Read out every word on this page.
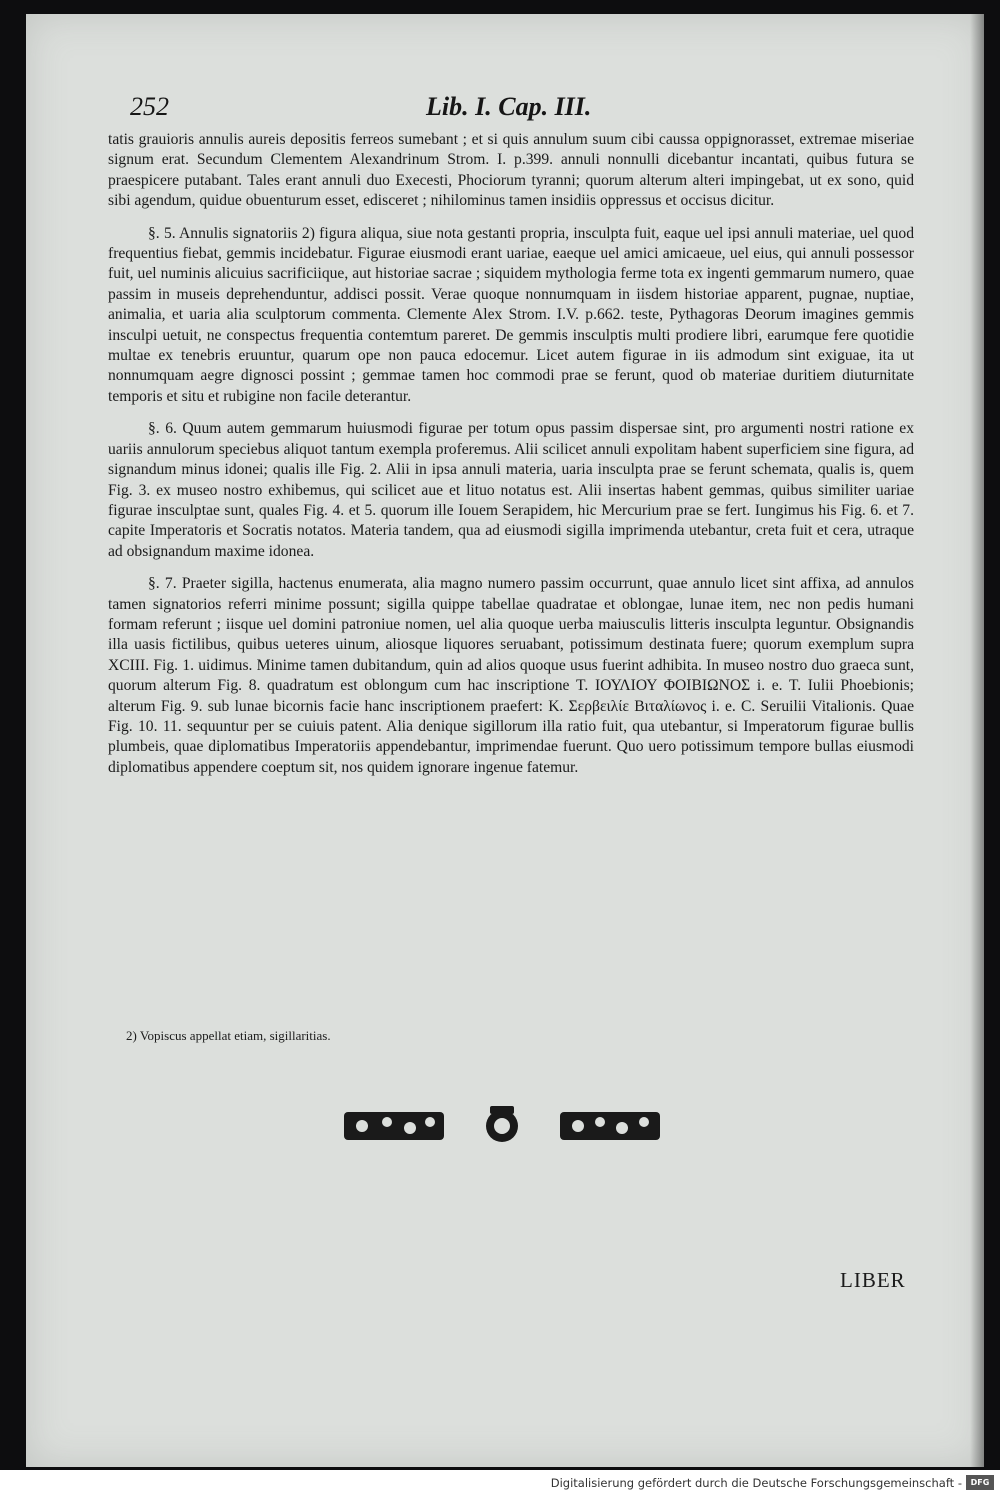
252	Lib. I. Cap. III.

tatis grauioris annulis aureis depositis ferreos sumebant ; et si quis annulum suum cibi caussa oppignorasset, extremae miseriae signum erat. Secundum Clementem Alexandrinum Strom. I. p.399. annuli nonnulli dicebantur incantati, quibus futura se praespicere putabant. Tales erant annuli duo Execesti, Phociorum tyranni; quorum alterum alteri impingebat, ut ex sono, quid sibi agendum, quidue obuenturum esset, edisceret ; nihilominus tamen insidiis oppressus et occisus dicitur.

§. 5. Annulis signatoriis 2) figura aliqua, siue nota gestanti propria, insculpta fuit, eaque uel ipsi annuli materiae, uel quod frequentius fiebat, gemmis incidebatur. Figurae eiusmodi erant uariae, eaeque uel amici amicaeue, uel eius, qui annuli possessor fuit, uel numinis alicuius sacrificiique, aut historiae sacrae ; siquidem mythologia ferme tota ex ingenti gemmarum numero, quae passim in museis deprehenduntur, addisci possit. Verae quoque nonnumquam in iisdem historiae apparent, pugnae, nuptiae, animalia, et uaria alia sculptorum commenta. Clemente Alex Strom. I.V. p.662. teste, Pythagoras Deorum imagines gemmis insculpi uetuit, ne conspectus frequentia contemtum pareret. De gemmis insculptis multi prodiere libri, earumque fere quotidie multae ex tenebris eruuntur, quarum ope non pauca edocemur. Licet autem figurae in iis admodum sint exiguae, ita ut nonnumquam aegre dignosci possint ; gemmae tamen hoc commodi prae se ferunt, quod ob materiae duritiem diuturnitate temporis et situ et rubigine non facile deterantur.

§. 6. Quum autem gemmarum huiusmodi figurae per totum opus passim dispersae sint, pro argumenti nostri ratione ex uariis annulorum speciebus aliquot tantum exempla proferemus. Alii scilicet annuli expolitam habent superficiem sine figura, ad signandum minus idonei; qualis ille Fig. 2. Alii in ipsa annuli materia, uaria insculpta prae se ferunt schemata, qualis is, quem Fig. 3. ex museo nostro exhibemus, qui scilicet aue et lituo notatus est. Alii insertas habent gemmas, quibus similiter uariae figurae insculptae sunt, quales Fig. 4. et 5. quorum ille Iouem Serapidem, hic Mercurium prae se fert. Iungimus his Fig. 6. et 7. capite Imperatoris et Socratis notatos. Materia tandem, qua ad eiusmodi sigilla imprimenda utebantur, creta fuit et cera, utraque ad obsignandum maxime idonea.

§. 7. Praeter sigilla, hactenus enumerata, alia magno numero passim occurrunt, quae annulo licet sint affixa, ad annulos tamen signatorios referri minime possunt; sigilla quippe tabellae quadratae et oblongae, lunae item, nec non pedis humani formam referunt ; iisque uel domini patroniue nomen, uel alia quoque uerba maiusculis litteris insculpta leguntur. Obsignandis illa uasis fictilibus, quibus ueteres uinum, aliosque liquores seruabant, potissimum destinata fuere; quorum exemplum supra XCIII. Fig. 1. uidimus. Minime tamen dubitandum, quin ad alios quoque usus fuerint adhibita. In museo nostro duo graeca sunt, quorum alterum Fig. 8. quadratum est oblongum cum hac inscriptione Τ. ΙΟΥΛΙΟΥ ΦΟΙΒΙΩΝΟΣ i. e. T. Iulii Phoebionis; alterum Fig. 9. sub lunae bicornis facie hanc inscriptionem praefert: Κ. Σερβειλίε Βιταλίωνος i. e. C. Seruilii Vitalionis. Quae Fig. 10. 11. sequuntur per se cuiuis patent. Alia denique sigillorum illa ratio fuit, qua utebantur, si Imperatorum figurae bullis plumbeis, quae diplomatibus Imperatoriis appendebantur, imprimendae fuerunt. Quo uero potissimum tempore bullas eiusmodi diplomatibus appendere coeptum sit, nos quidem ignorare ingenue fatemur.

2) Vopiscus appellat etiam, sigillaritias.
LIBER
Digitalisierung gefördert durch die Deutsche Forschungsgemeinschaft -	DFG
